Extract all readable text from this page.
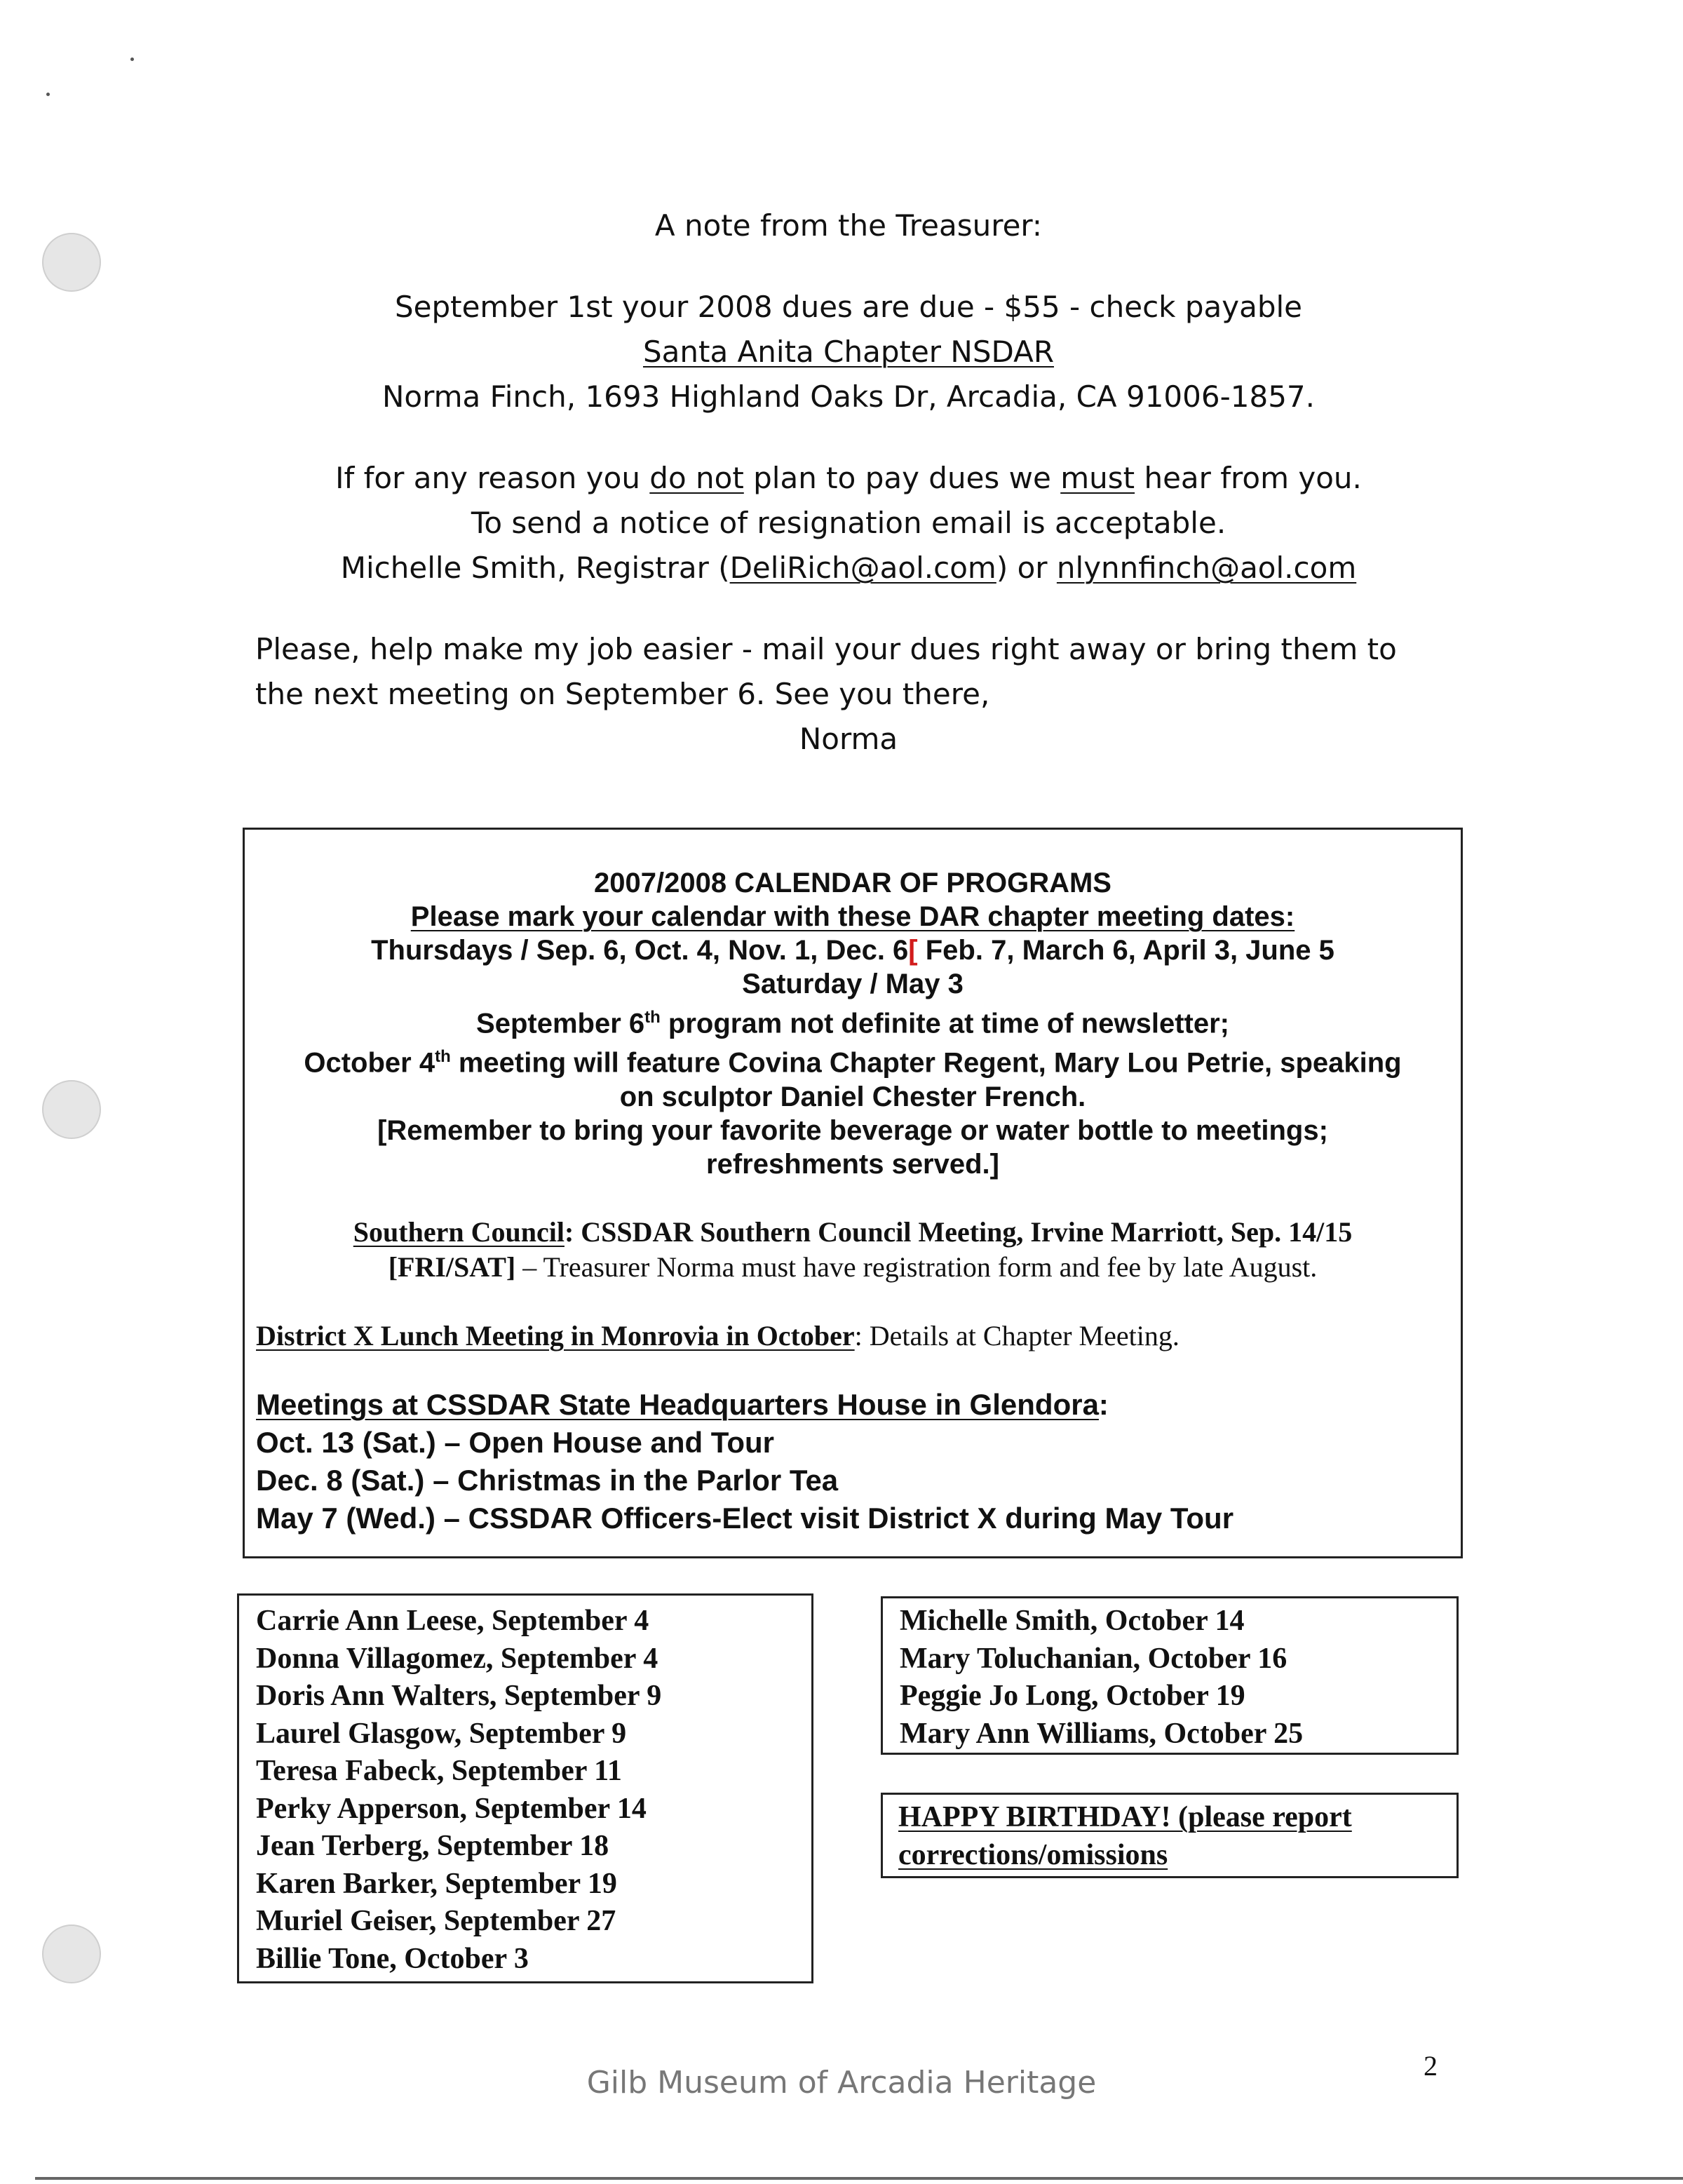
A note from the Treasurer:
September 1st your 2008 dues are due - $55 - check payable
Santa Anita Chapter NSDAR
Norma Finch, 1693 Highland Oaks Dr, Arcadia, CA 91006-1857.
If for any reason you do not plan to pay dues we must hear from you.
To send a notice of resignation email is acceptable.
Michelle Smith, Registrar (DeliRich@aol.com) or nlynnfinch@aol.com
Please, help make my job easier - mail your dues right away or bring them to
the next meeting on September 6. See you there,
Norma
2007/2008 CALENDAR OF PROGRAMS
Please mark your calendar with these DAR chapter meeting dates:
Thursdays / Sep. 6, Oct. 4, Nov. 1, Dec. 6[ Feb. 7, March 6, April 3, June 5
Saturday / May 3
September 6th program not definite at time of newsletter;
October 4th meeting will feature Covina Chapter Regent, Mary Lou Petrie, speaking
on sculptor Daniel Chester French.
[Remember to bring your favorite beverage or water bottle to meetings;
refreshments served.]
Southern Council: CSSDAR Southern Council Meeting, Irvine Marriott, Sep. 14/15
[FRI/SAT] – Treasurer Norma must have registration form and fee by late August.
District X Lunch Meeting in Monrovia in October: Details at Chapter Meeting.
Meetings at CSSDAR State Headquarters House in Glendora:
Oct. 13 (Sat.) – Open House and Tour
Dec. 8 (Sat.) – Christmas in the Parlor Tea
May 7 (Wed.) – CSSDAR Officers-Elect visit District X during May Tour
Carrie Ann Leese, September 4
Donna Villagomez, September 4
Doris Ann Walters, September 9
Laurel Glasgow, September 9
Teresa Fabeck, September 11
Perky Apperson, September 14
Jean Terberg, September 18
Karen Barker, September 19
Muriel Geiser, September 27
Billie Tone, October 3
Michelle Smith, October 14
Mary Toluchanian, October 16
Peggie Jo Long, October 19
Mary Ann Williams, October 25
HAPPY BIRTHDAY! (please report
corrections/omissions
Gilb Museum of Arcadia Heritage	2
